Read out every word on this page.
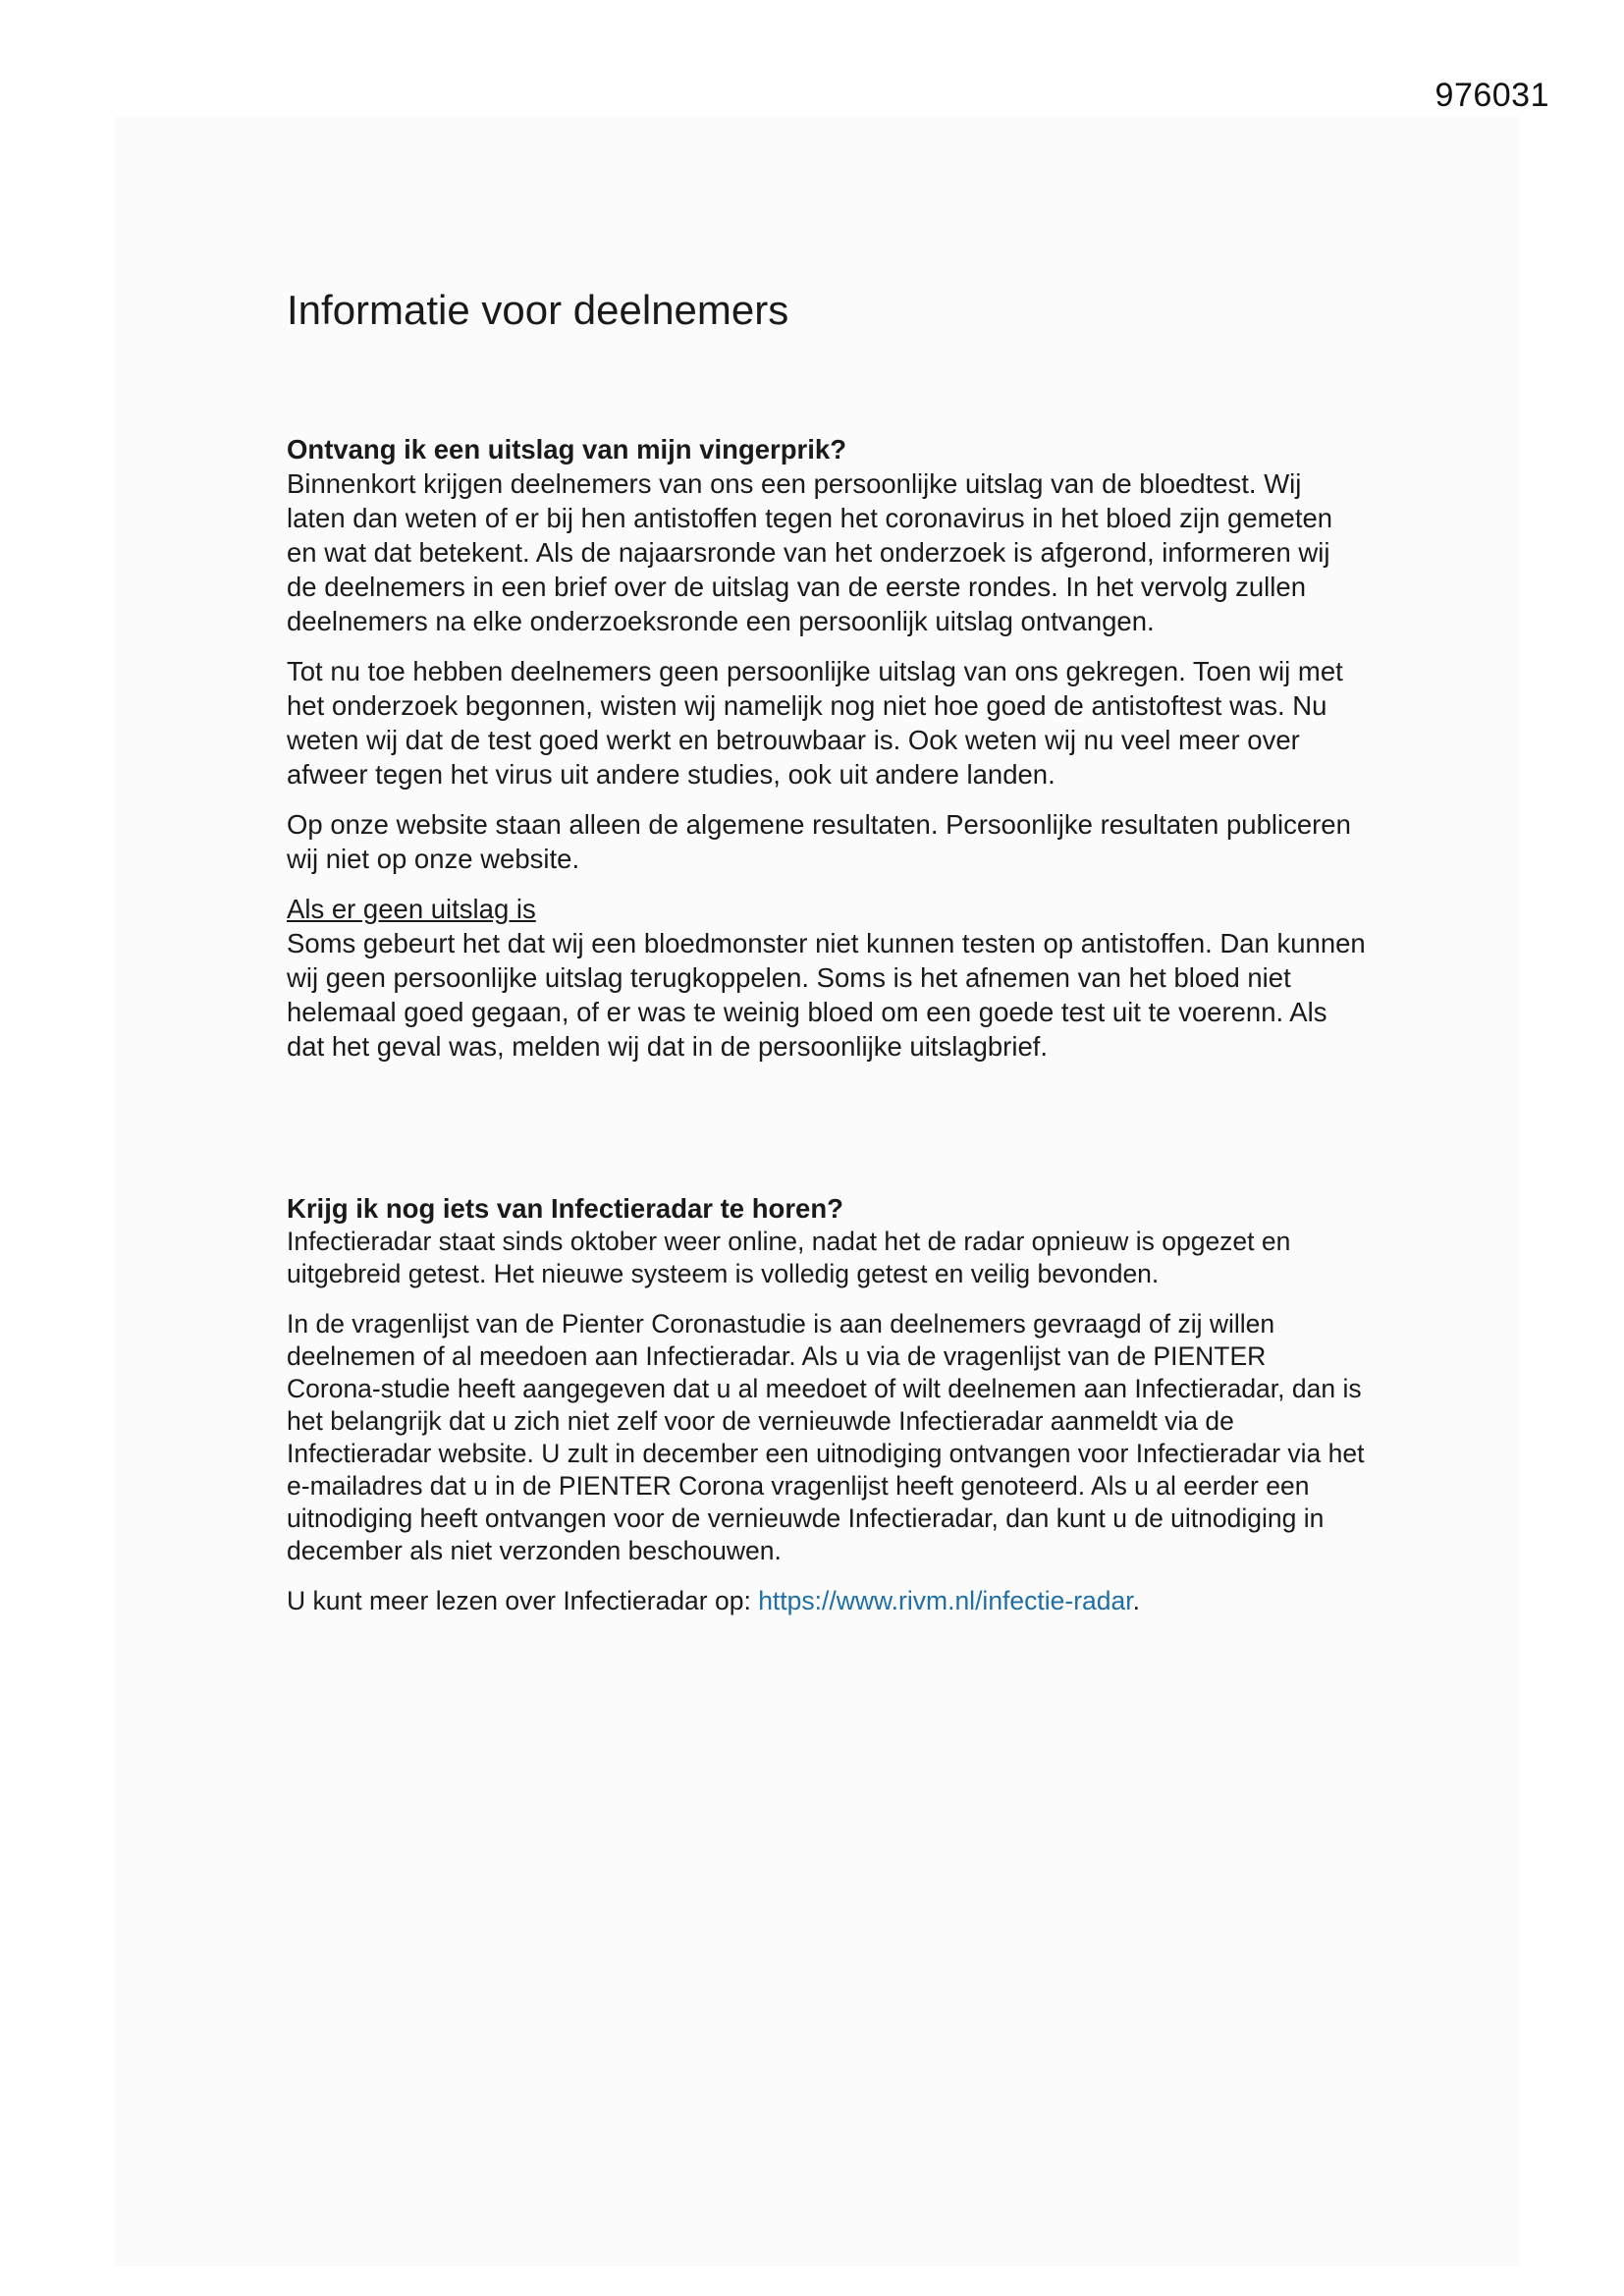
976031
Informatie voor deelnemers
Ontvang ik een uitslag van mijn vingerprik?

Binnenkort krijgen deelnemers van ons een persoonlijke uitslag van de bloedtest. Wij laten dan weten of er bij hen antistoffen tegen het coronavirus in het bloed zijn gemeten en wat dat betekent. Als de najaarsronde van het onderzoek is afgerond, informeren wij de deelnemers in een brief over de uitslag van de eerste rondes. In het vervolg zullen deelnemers na elke onderzoeksronde een persoonlijk uitslag ontvangen.

Tot nu toe hebben deelnemers geen persoonlijke uitslag van ons gekregen. Toen wij met het onderzoek begonnen, wisten wij namelijk nog niet hoe goed de antistoftest was. Nu weten wij dat de test goed werkt en betrouwbaar is. Ook weten wij nu veel meer over afweer tegen het virus uit andere studies, ook uit andere landen.

Op onze website staan alleen de algemene resultaten. Persoonlijke resultaten publiceren wij niet op onze website.

Als er geen uitslag is

Soms gebeurt het dat wij een bloedmonster niet kunnen testen op antistoffen. Dan kunnen wij geen persoonlijke uitslag terugkoppelen. Soms is het afnemen van het bloed niet helemaal goed gegaan, of er was te weinig bloed om een goede test uit te voerenn. Als dat het geval was, melden wij dat in de persoonlijke uitslagbrief.

Krijg ik nog iets van Infectieradar te horen?

Infectieradar staat sinds oktober weer online, nadat het de radar opnieuw is opgezet en uitgebreid getest. Het nieuwe systeem is volledig getest en veilig bevonden.

In de vragenlijst van de Pienter Coronastudie is aan deelnemers gevraagd of zij willen deelnemen of al meedoen aan Infectieradar. Als u via de vragenlijst van de PIENTER Corona-studie heeft aangegeven dat u al meedoet of wilt deelnemen aan Infectieradar, dan is het belangrijk dat u zich niet zelf voor de vernieuwde Infectieradar aanmeldt via de Infectieradar website. U zult in december een uitnodiging ontvangen voor Infectieradar via het e-mailadres dat u in de PIENTER Corona vragenlijst heeft genoteerd. Als u al eerder een uitnodiging heeft ontvangen voor de vernieuwde Infectieradar, dan kunt u de uitnodiging in december als niet verzonden beschouwen.

U kunt meer lezen over Infectieradar op: https://www.rivm.nl/infectie-radar.
